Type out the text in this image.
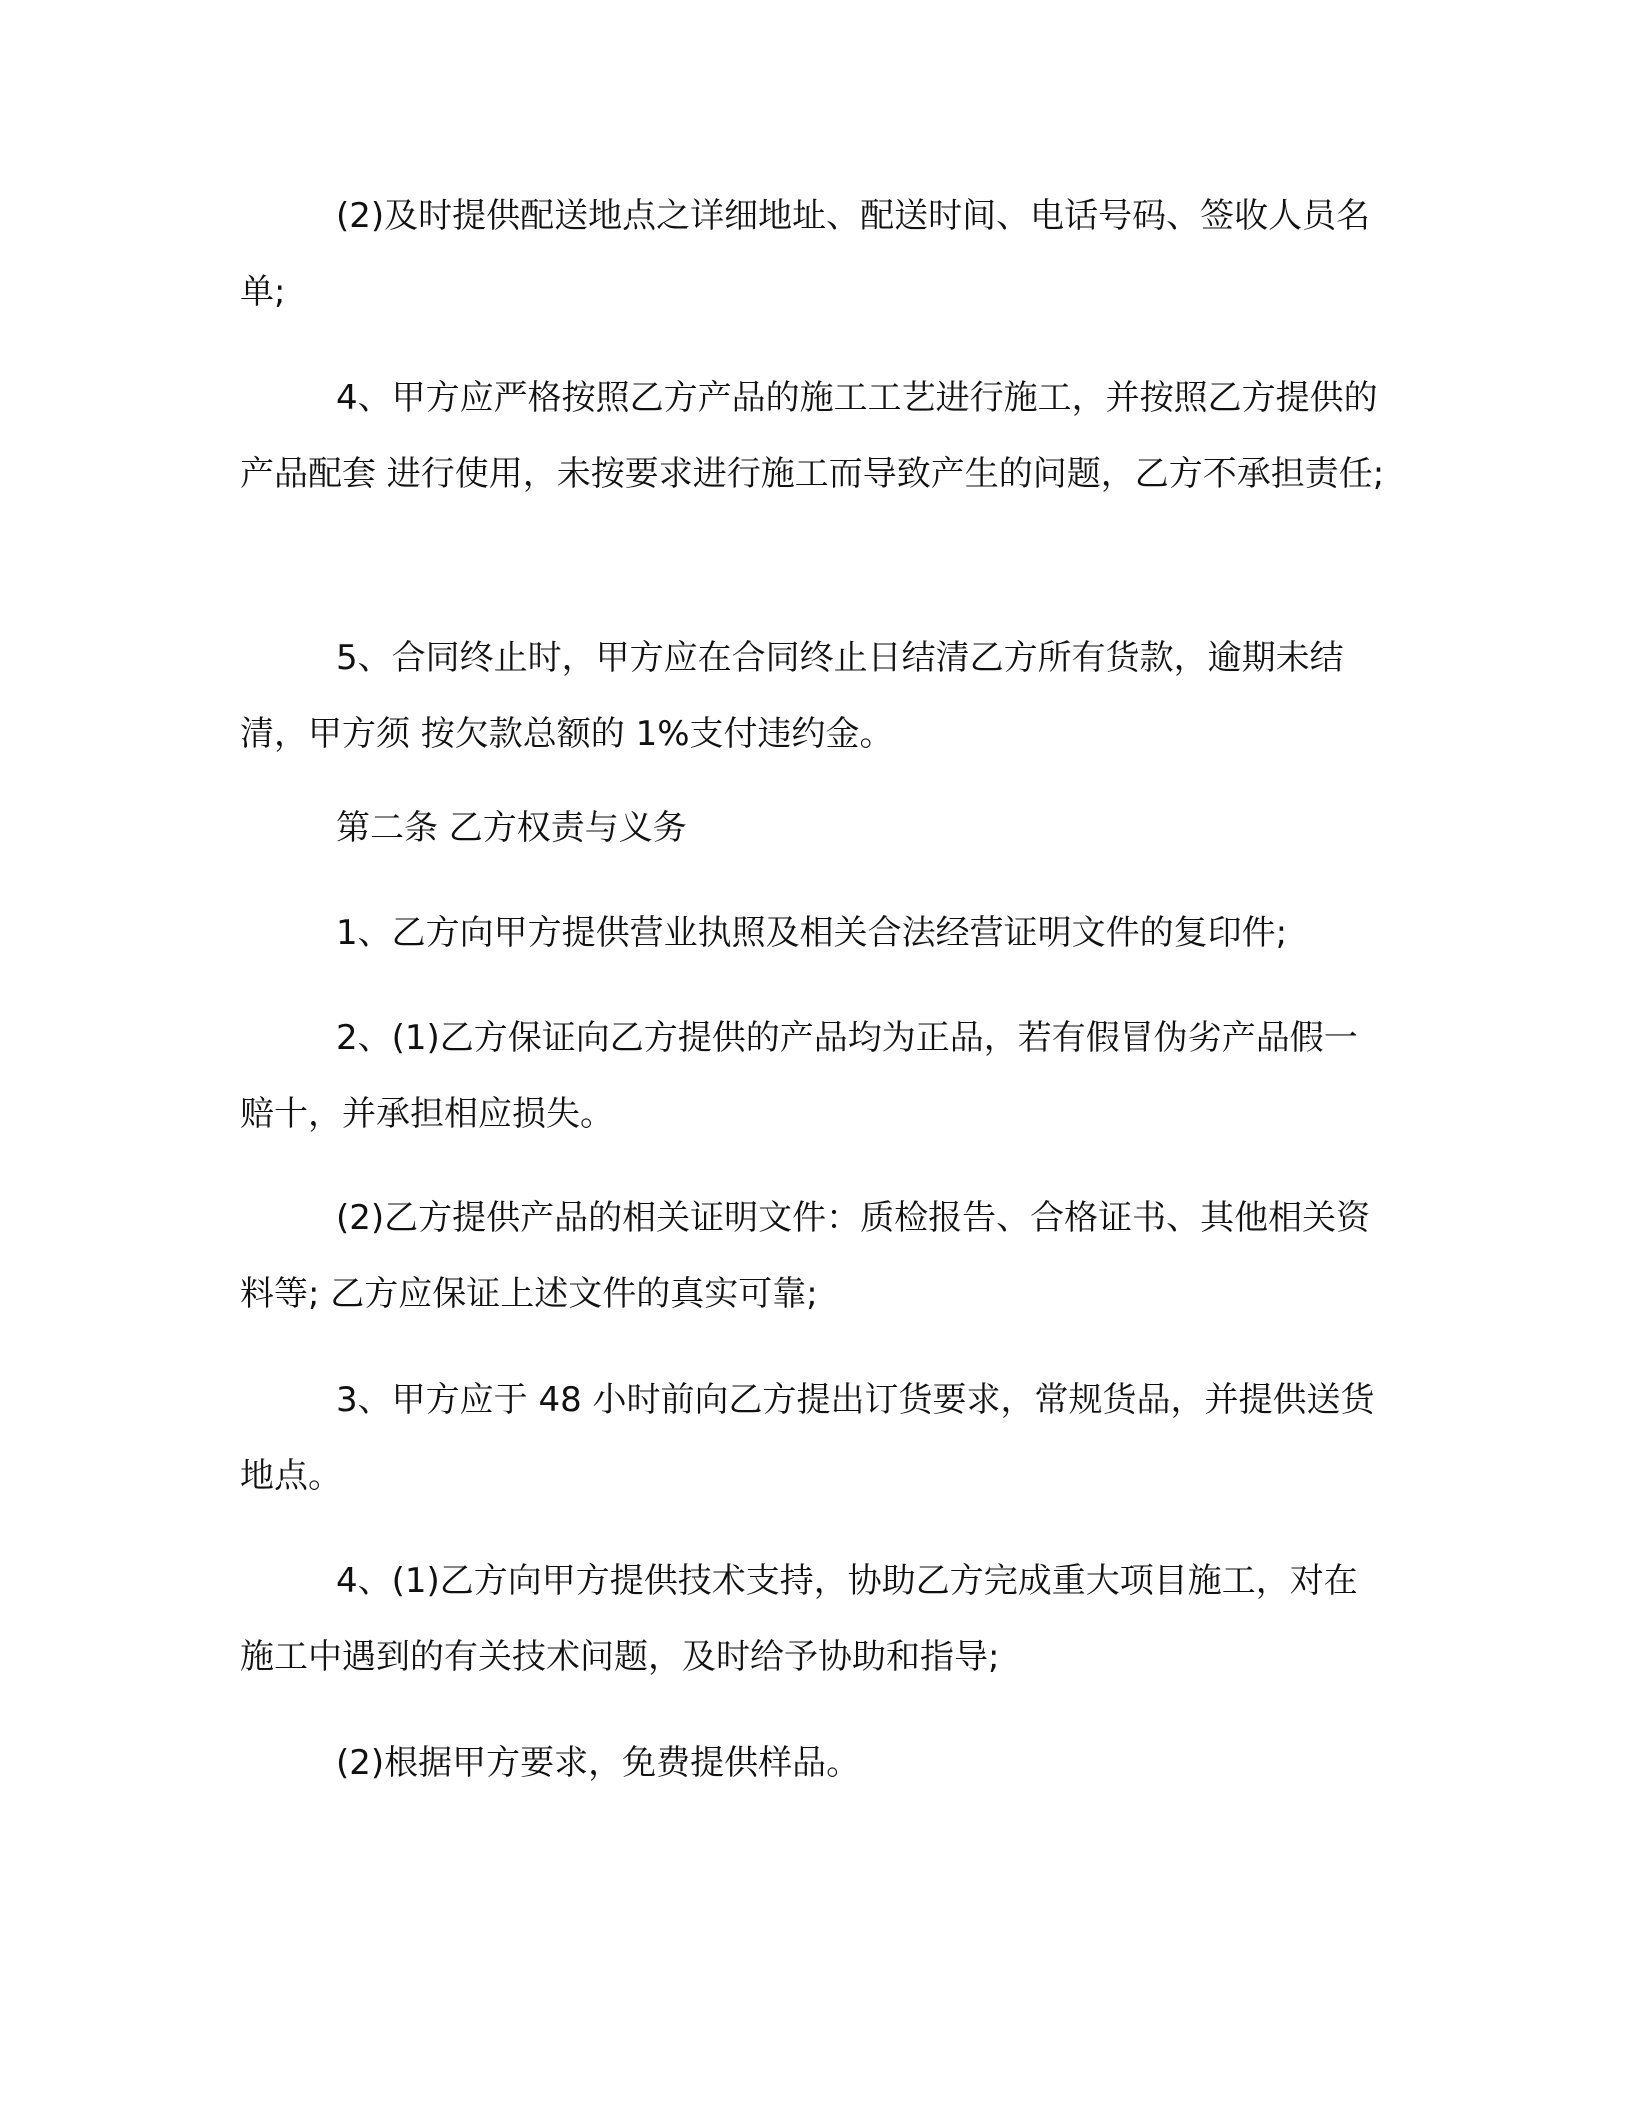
(2)及时提供配送地点之详细地址、配送时间、电话号码、签收人员名单;

4、甲方应严格按照乙方产品的施工工艺进行施工，并按照乙方提供的产品配套 进行使用，未按要求进行施工而导致产生的问题，乙方不承担责任;

5、合同终止时，甲方应在合同终止日结清乙方所有货款，逾期未结清，甲方须 按欠款总额的 1%支付违约金。

第二条 乙方权责与义务

1、乙方向甲方提供营业执照及相关合法经营证明文件的复印件;

2、(1)乙方保证向乙方提供的产品均为正品，若有假冒伪劣产品假一赔十，并承担相应损失。

(2)乙方提供产品的相关证明文件：质检报告、合格证书、其他相关资料等; 乙方应保证上述文件的真实可靠;

3、甲方应于 48 小时前向乙方提出订货要求，常规货品，并提供送货地点。

4、(1)乙方向甲方提供技术支持，协助乙方完成重大项目施工，对在施工中遇到的有关技术问题，及时给予协助和指导;

(2)根据甲方要求，免费提供样品。
